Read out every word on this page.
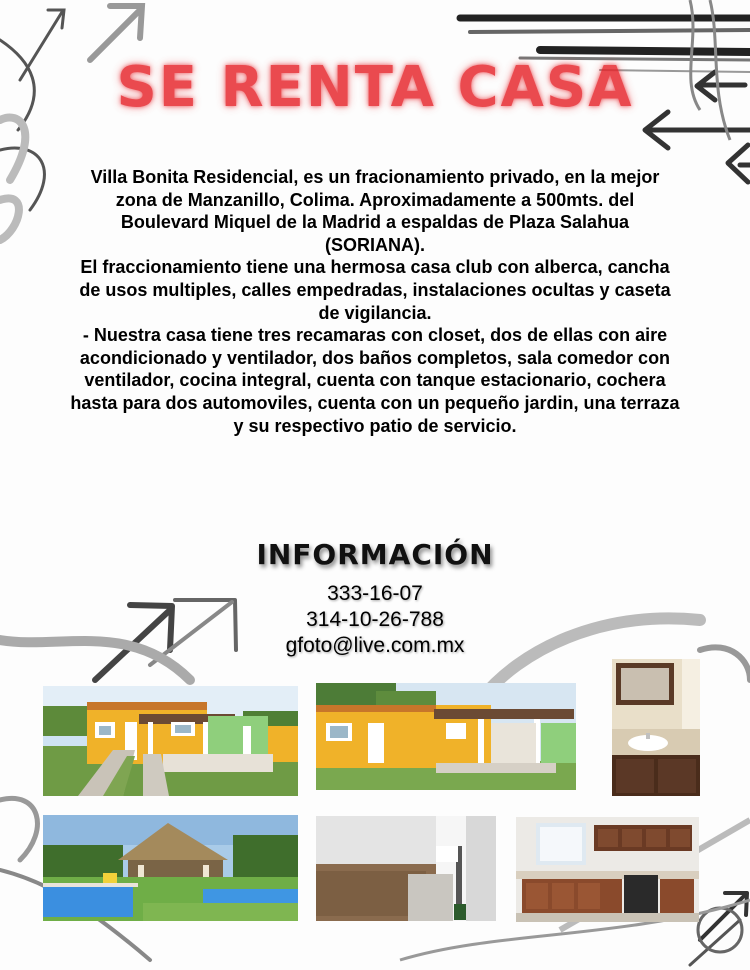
SE RENTA CASA

Villa Bonita Residencial, es un fracionamiento privado, en la mejor zona de Manzanillo, Colima. Aproximadamente a 500mts. del Boulevard Miquel de la Madrid a espaldas de Plaza Salahua (SORIANA).

El fraccionamiento tiene una hermosa casa club con alberca, cancha de usos multiples, calles empedradas, instalaciones ocultas y caseta de vigilancia.

- Nuestra casa tiene tres recamaras con closet, dos de ellas con aire acondicionado y ventilador, dos baños completos, sala comedor con ventilador, cocina integral, cuenta con tanque estacionario, cochera hasta para dos automoviles, cuenta con un pequeño jardin, una terraza y su respectivo patio de servicio.

INFORMACIÓN
333-16-07
314-10-26-788
gfoto@live.com.mx
